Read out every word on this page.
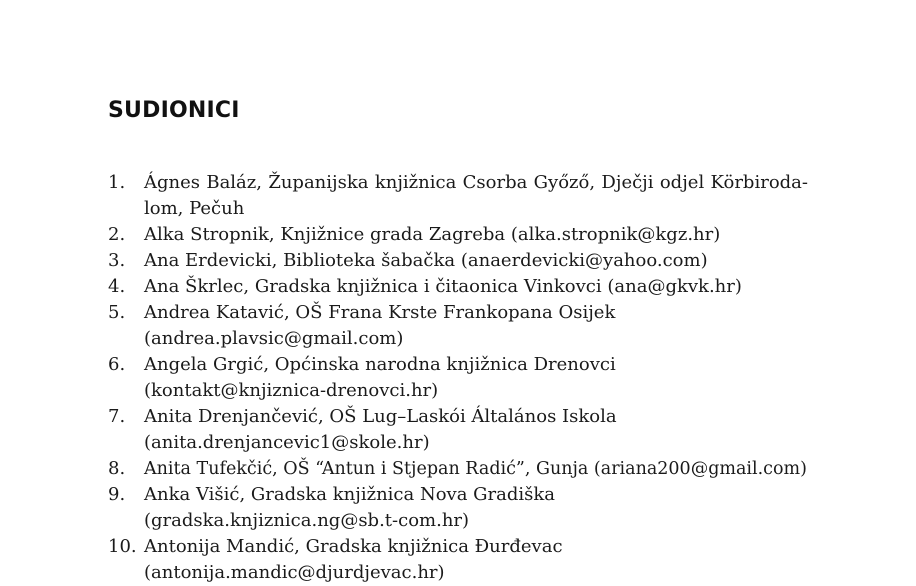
SUDIONICI
1.	Ágnes Baláz, Županijska knjižnica Csorba Győző, Dječji odjel Körbiroda-
lom, Pečuh
2.	Alka Stropnik, Knjižnice grada Zagreba (alka.stropnik@kgz.hr)
3.	Ana Erdevicki, Biblioteka šabačka (anaerdevicki@yahoo.com)
4.	Ana Škrlec, Gradska knjižnica i čitaonica Vinkovci (ana@gkvk.hr)
5.	Andrea Katavić, OŠ Frana Krste Frankopana Osijek
(andrea.plavsic@gmail.com)
6.	Angela Grgić, Općinska narodna knjižnica Drenovci
(kontakt@knjiznica-drenovci.hr)
7.	Anita Drenjančević, OŠ Lug–Laskói Általános Iskola
(anita.drenjancevic1@skole.hr)
8.	Anita Tufekčić, OŠ “Antun i Stjepan Radić”, Gunja (ariana200@gmail.com)
9.	Anka Višić, Gradska knjižnica Nova Gradiška
(gradska.knjiznica.ng@sb.t-com.hr)
10. Antonija Mandić, Gradska knjižnica Đurđevac
(antonija.mandic@djurdjevac.hr)
